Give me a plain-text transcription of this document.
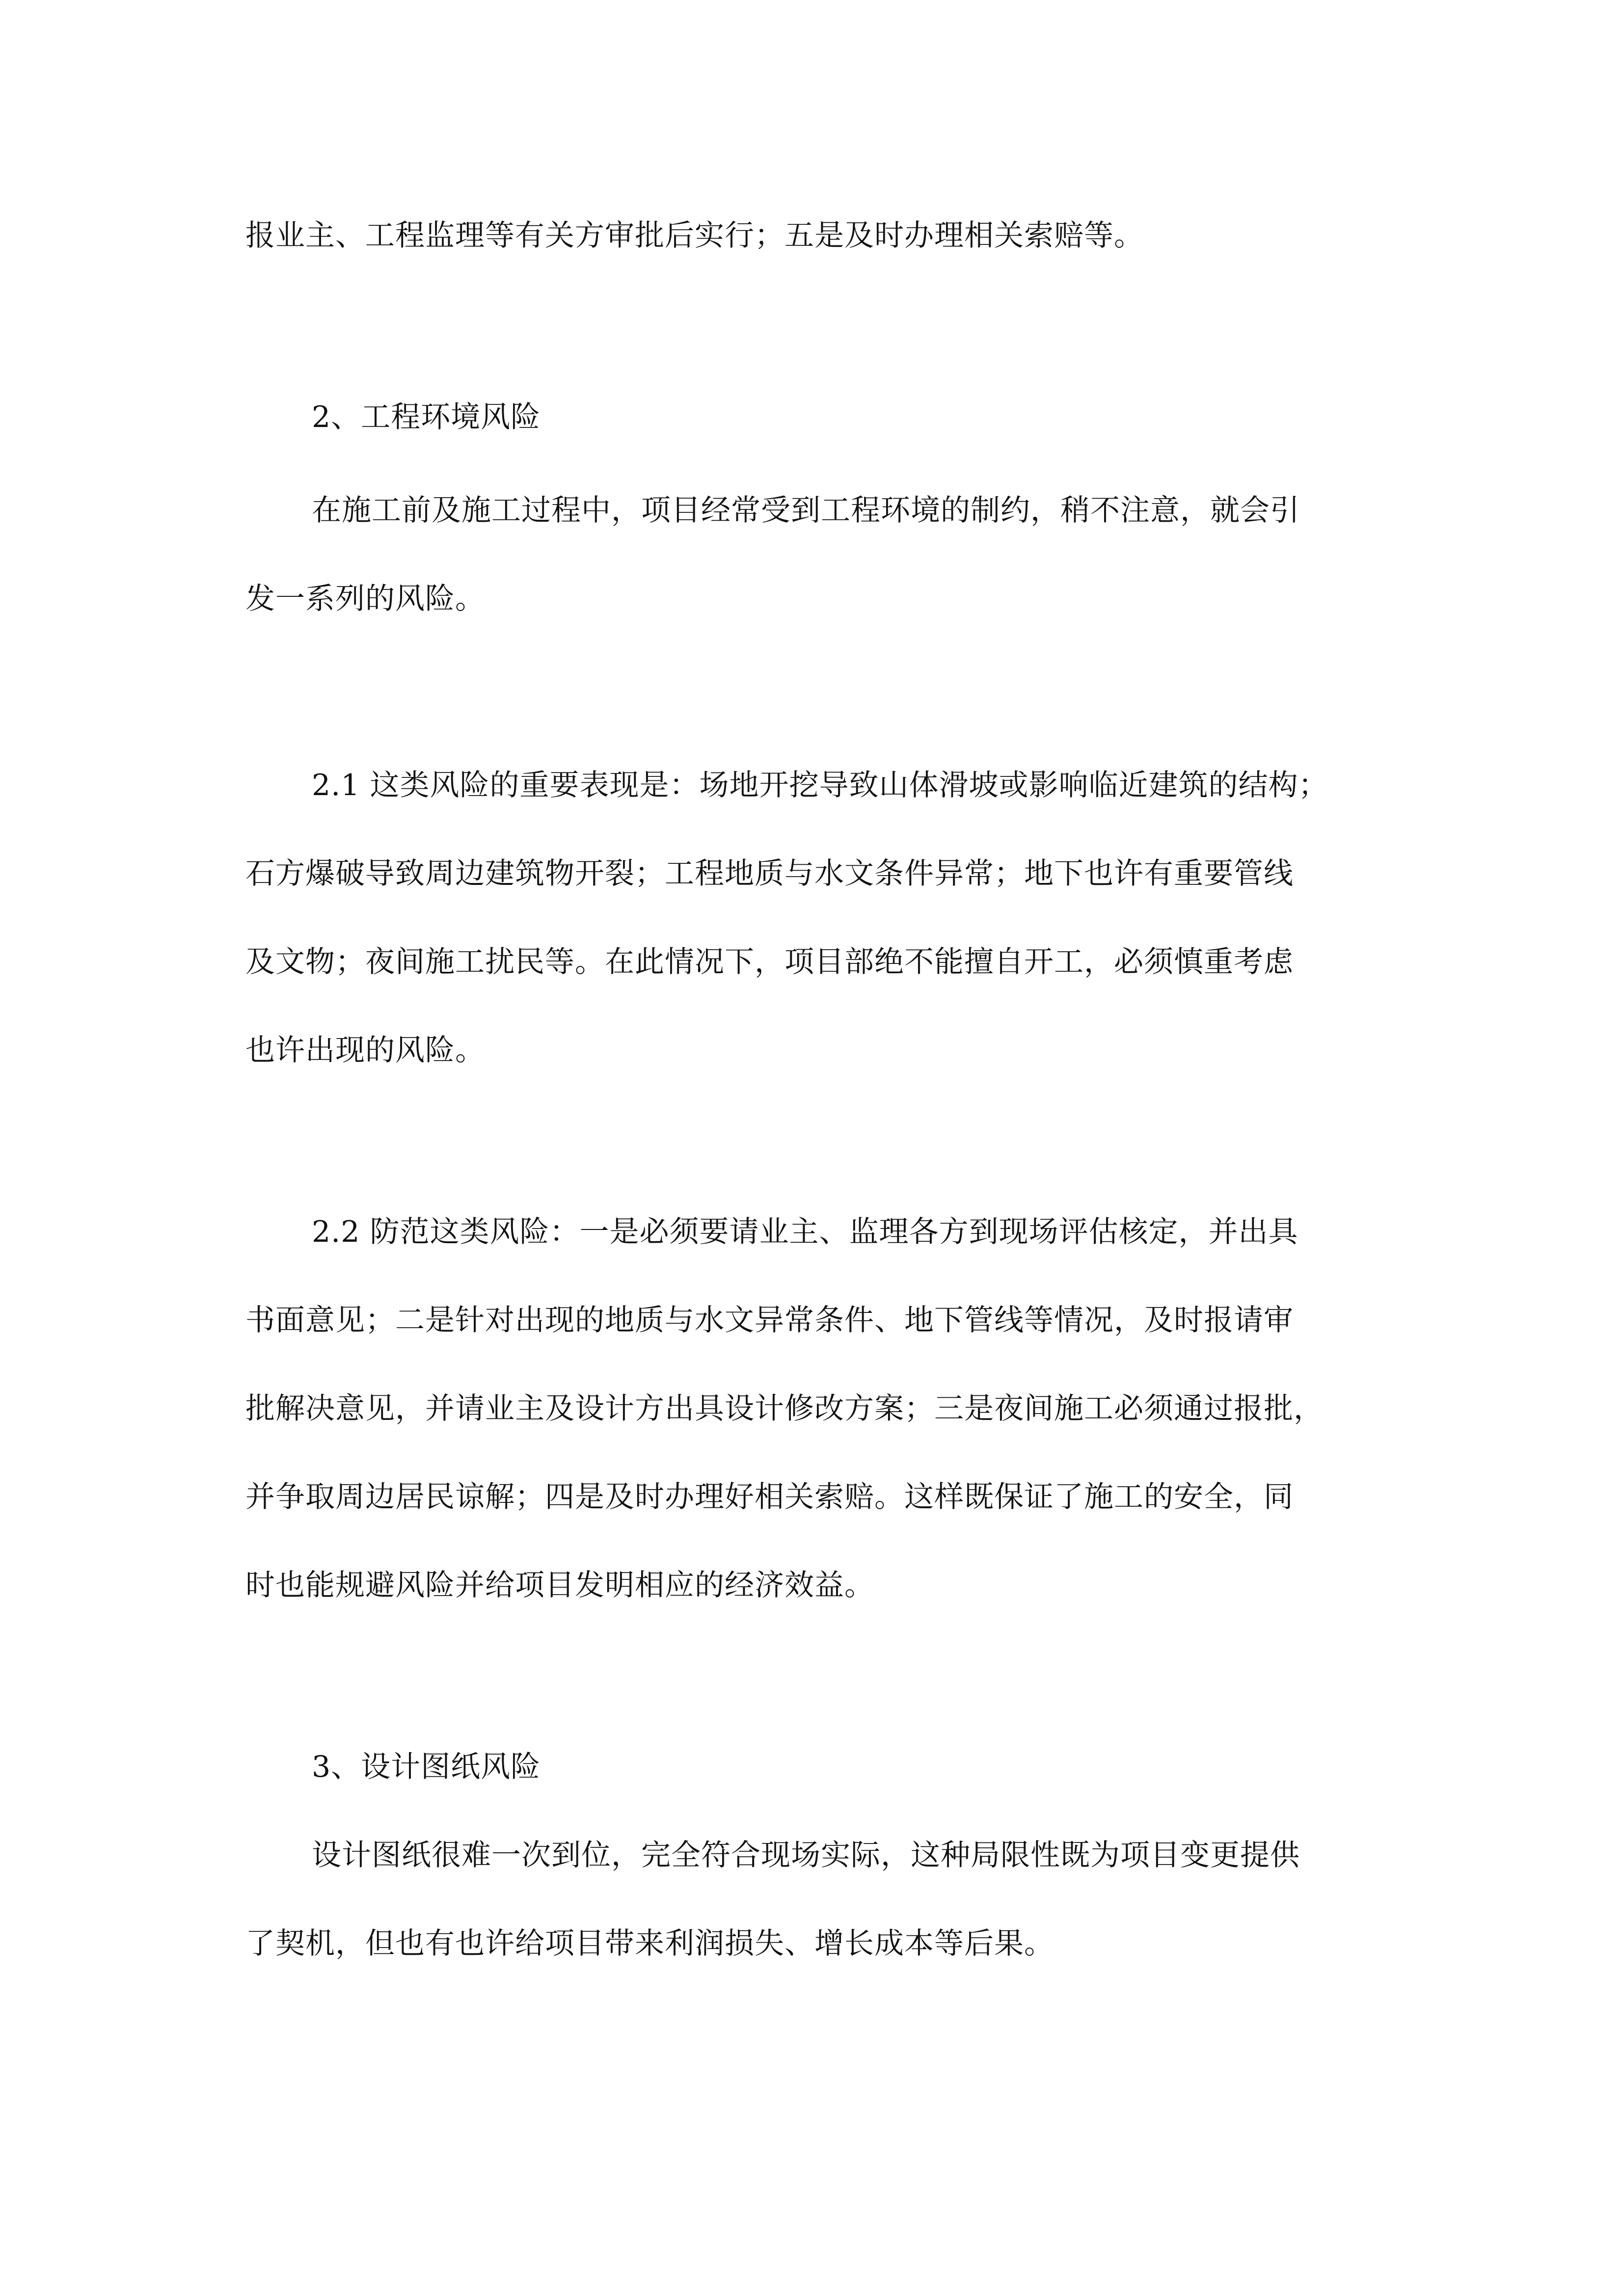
报业主、工程监理等有关方审批后实行；五是及时办理相关索赔等。
2、工程环境风险
在施工前及施工过程中，项目经常受到工程环境的制约，稍不注意，就会引
发一系列的风险。
2.1 这类风险的重要表现是：场地开挖导致山体滑坡或影响临近建筑的结构；
石方爆破导致周边建筑物开裂；工程地质与水文条件异常；地下也许有重要管线
及文物；夜间施工扰民等。在此情况下，项目部绝不能擅自开工，必须慎重考虑
也许出现的风险。
2.2 防范这类风险：一是必须要请业主、监理各方到现场评估核定，并出具
书面意见；二是针对出现的地质与水文异常条件、地下管线等情况，及时报请审
批解决意见，并请业主及设计方出具设计修改方案；三是夜间施工必须通过报批，
并争取周边居民谅解；四是及时办理好相关索赔。这样既保证了施工的安全，同
时也能规避风险并给项目发明相应的经济效益。
3、设计图纸风险
设计图纸很难一次到位，完全符合现场实际，这种局限性既为项目变更提供
了契机，但也有也许给项目带来利润损失、增长成本等后果。
